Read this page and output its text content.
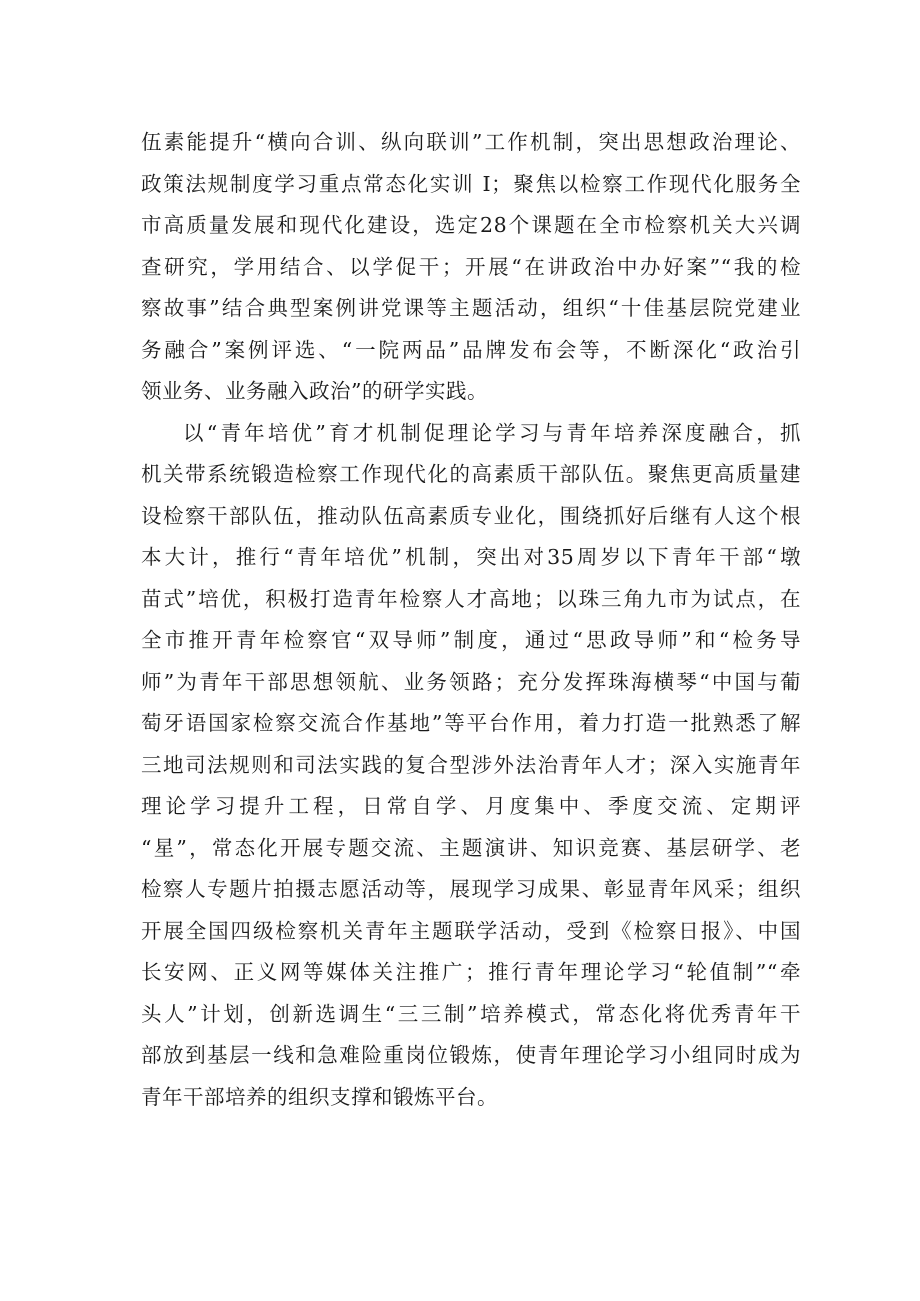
伍素能提升“横向合训、纵向联训”工作机制，突出思想政治理论、
政策法规制度学习重点常态化实训 I；聚焦以检察工作现代化服务全
市高质量发展和现代化建设，选定28个课题在全市检察机关大兴调
查研究，学用结合、以学促干；开展“在讲政治中办好案”“我的检
察故事”结合典型案例讲党课等主题活动，组织“十佳基层院党建业
务融合”案例评选、“一院两品”品牌发布会等，不断深化“政治引
领业务、业务融入政治”的研学实践。
以“青年培优”育才机制促理论学习与青年培养深度融合，抓
机关带系统锻造检察工作现代化的高素质干部队伍。聚焦更高质量建
设检察干部队伍，推动队伍高素质专业化，围绕抓好后继有人这个根
本大计，推行“青年培优”机制，突出对35周岁以下青年干部“墩
苗式”培优，积极打造青年检察人才高地；以珠三角九市为试点，在
全市推开青年检察官“双导师”制度，通过“思政导师”和“检务导
师”为青年干部思想领航、业务领路；充分发挥珠海横琴“中国与葡
萄牙语国家检察交流合作基地”等平台作用，着力打造一批熟悉了解
三地司法规则和司法实践的复合型涉外法治青年人才；深入实施青年
理论学习提升工程，日常自学、月度集中、季度交流、定期评
“星”，常态化开展专题交流、主题演讲、知识竞赛、基层研学、老
检察人专题片拍摄志愿活动等，展现学习成果、彰显青年风采；组织
开展全国四级检察机关青年主题联学活动，受到《检察日报》、中国
长安网、正义网等媒体关注推广；推行青年理论学习“轮值制”“牵
头人”计划，创新选调生“三三制”培养模式，常态化将优秀青年干
部放到基层一线和急难险重岗位锻炼，使青年理论学习小组同时成为
青年干部培养的组织支撑和锻炼平台。
